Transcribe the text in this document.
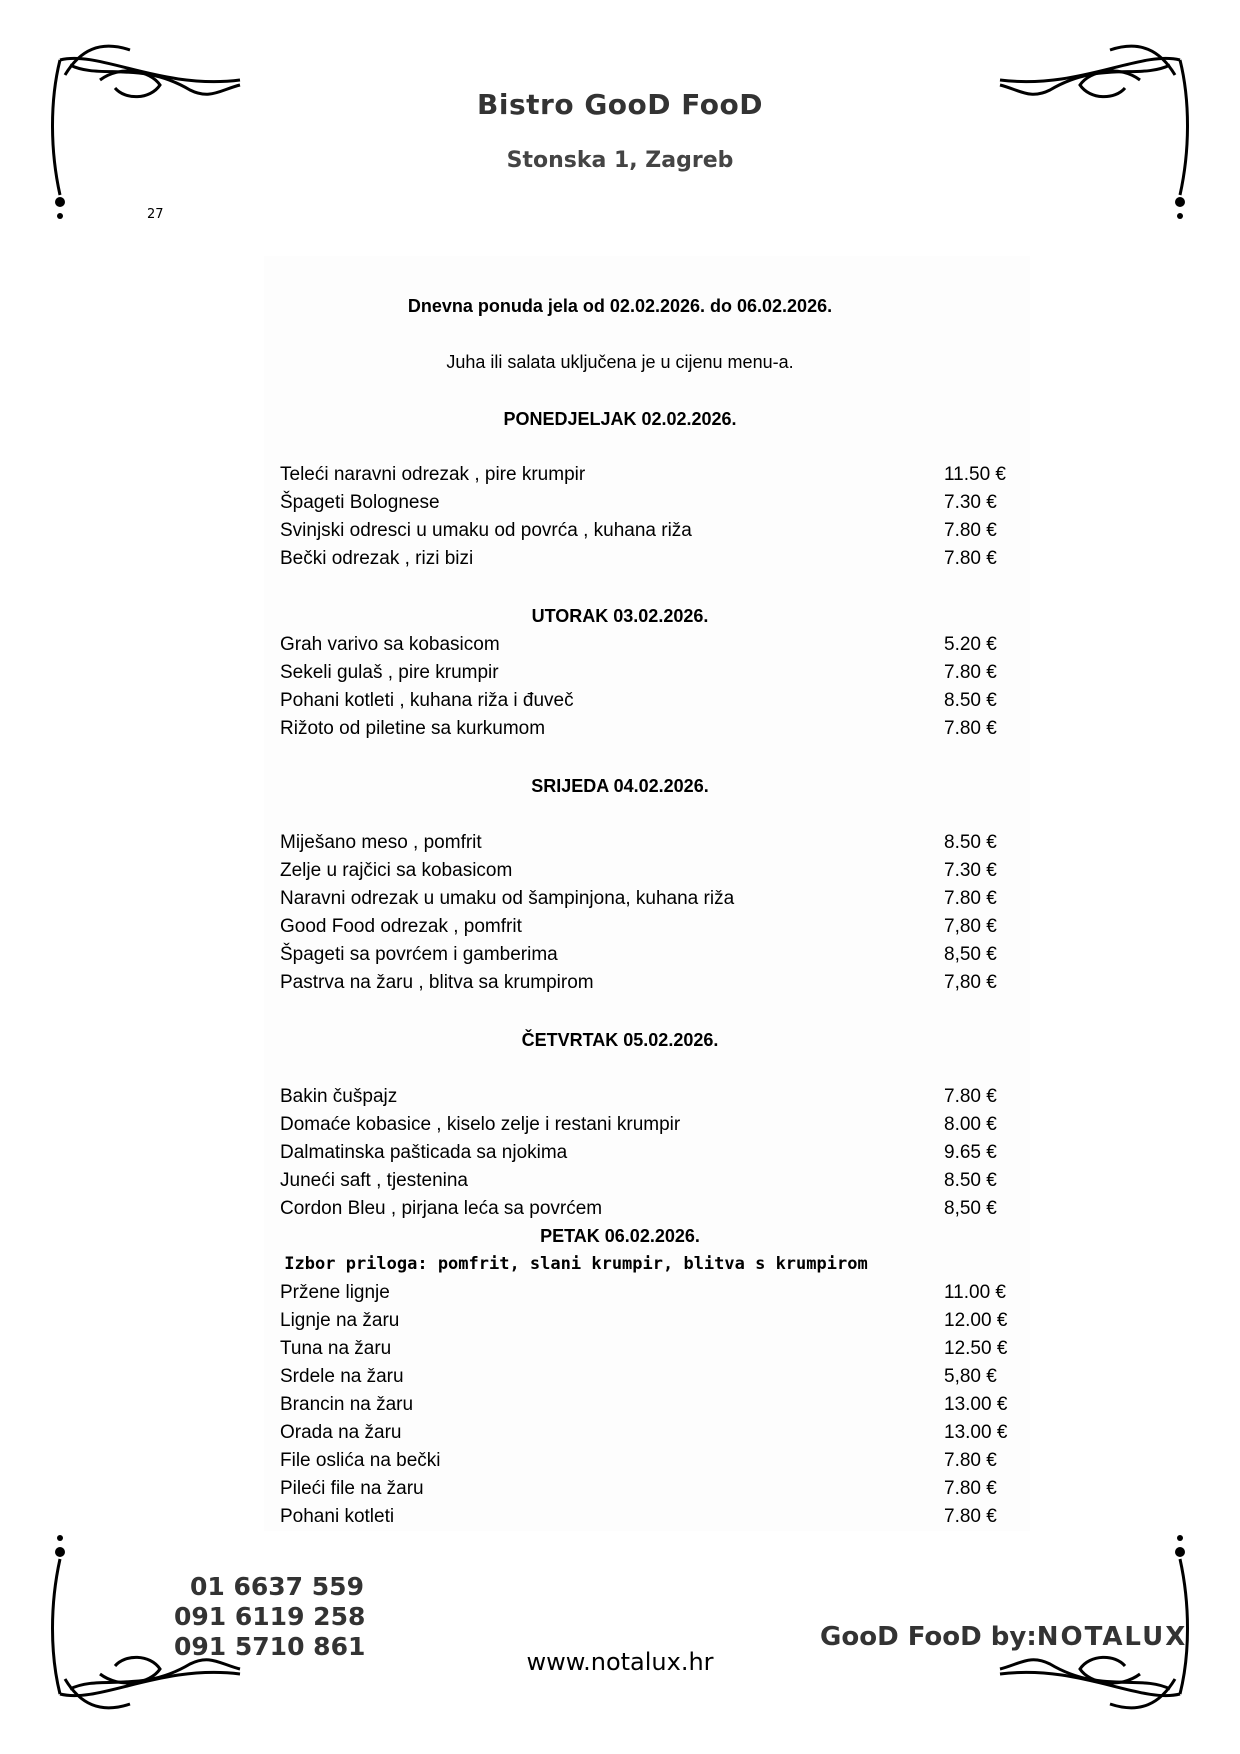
Bistro GooD FooD
Stonska 1, Zagreb
27
Dnevna ponuda jela od 02.02.2026. do 06.02.2026.
Juha ili salata uključena je u cijenu menu-a.
PONEDJELJAK 02.02.2026.
Teleći naravni odrezak , pire krumpir	11.50 €
Špageti Bolognese	7.30 €
Svinjski odresci u umaku od povrća , kuhana riža	7.80 €
Bečki odrezak , rizi bizi	7.80 €
UTORAK 03.02.2026.
Grah varivo sa kobasicom	5.20 €
Sekeli gulaš , pire krumpir	7.80 €
Pohani kotleti , kuhana riža i đuveč	8.50 €
Rižoto od piletine sa kurkumom	7.80 €
SRIJEDA 04.02.2026.
Miješano meso , pomfrit	8.50 €
Zelje u rajčici sa kobasicom	7.30 €
Naravni odrezak u umaku od šampinjona, kuhana riža	7.80 €
Good Food odrezak , pomfrit	7,80 €
Špageti sa povrćem i gamberima	8,50 €
Pastrva na žaru , blitva sa krumpirom	7,80 €
ČETVRTAK 05.02.2026.
Bakin čušpajz	7.80 €
Domaće kobasice , kiselo zelje i restani krumpir	8.00 €
Dalmatinska pašticada sa njokima	9.65 €
Juneći saft , tjestenina	8.50 €
Cordon Bleu , pirjana leća sa povrćem	8,50 €
PETAK 06.02.2026.
Izbor priloga: pomfrit, slani krumpir, blitva s krumpirom
Pržene lignje	11.00 €
Lignje na žaru	12.00 €
Tuna na žaru	12.50 €
Srdele na žaru	5,80 €
Brancin na žaru	13.00 €
Orada na žaru	13.00 €
File oslića na bečki	7.80 €
Pileći file na žaru	7.80 €
Pohani kotleti	7.80 €
01 6637 559
091 6119 258
091 5710 861
www.notalux.hr
GooD FooD by:NOTALUX
